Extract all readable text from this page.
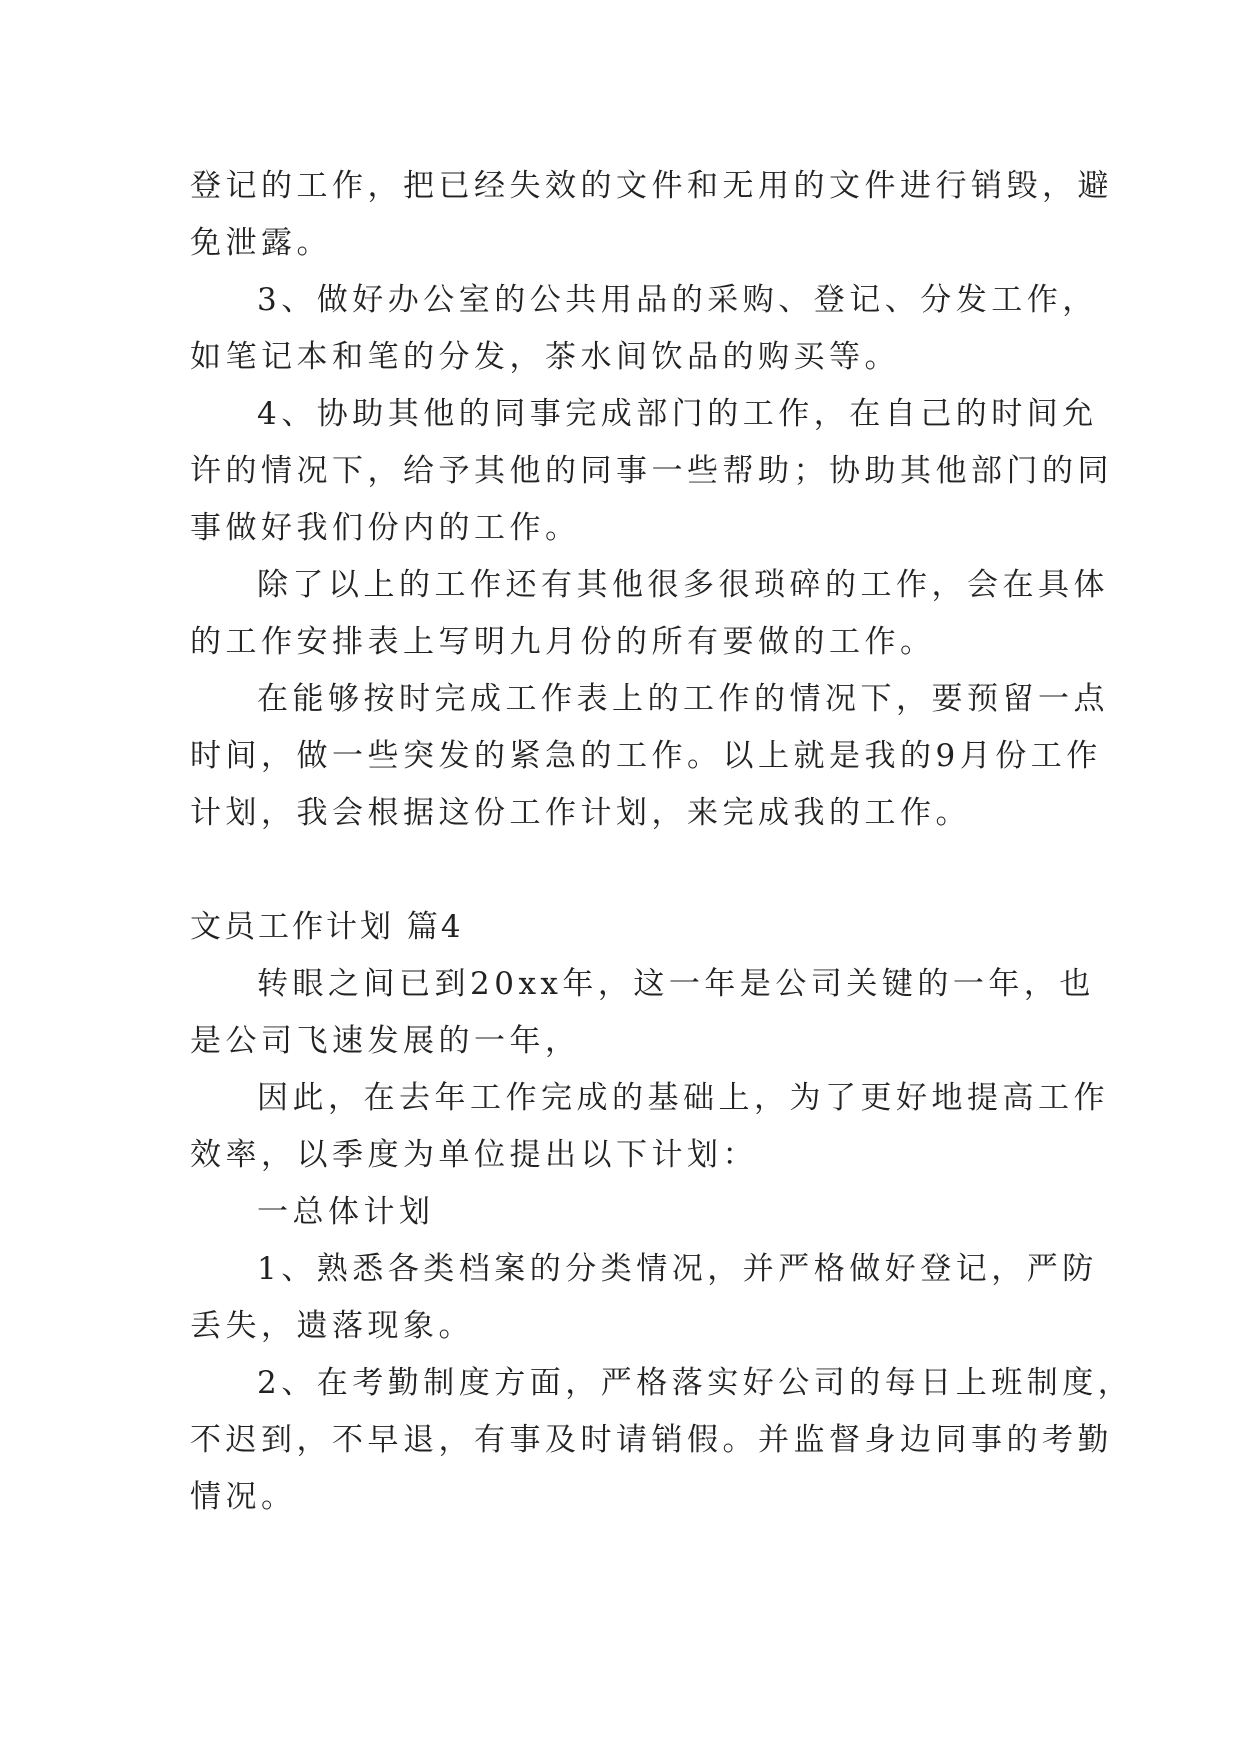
登记的工作，把已经失效的文件和无用的文件进行销毁，避
免泄露。
3、做好办公室的公共用品的采购、登记、分发工作，
如笔记本和笔的分发，茶水间饮品的购买等。
4、协助其他的同事完成部门的工作，在自己的时间允
许的情况下，给予其他的同事一些帮助；协助其他部门的同
事做好我们份内的工作。
除了以上的工作还有其他很多很琐碎的工作，会在具体
的工作安排表上写明九月份的所有要做的工作。
在能够按时完成工作表上的工作的情况下，要预留一点
时间，做一些突发的紧急的工作。以上就是我的9月份工作
计划，我会根据这份工作计划，来完成我的工作。
文员工作计划 篇4
转眼之间已到20xx年，这一年是公司关键的一年，也
是公司飞速发展的一年，
因此，在去年工作完成的基础上，为了更好地提高工作
效率，以季度为单位提出以下计划：
一总体计划
1、熟悉各类档案的分类情况，并严格做好登记，严防
丢失，遗落现象。
2、在考勤制度方面，严格落实好公司的每日上班制度，
不迟到，不早退，有事及时请销假。并监督身边同事的考勤
情况。
